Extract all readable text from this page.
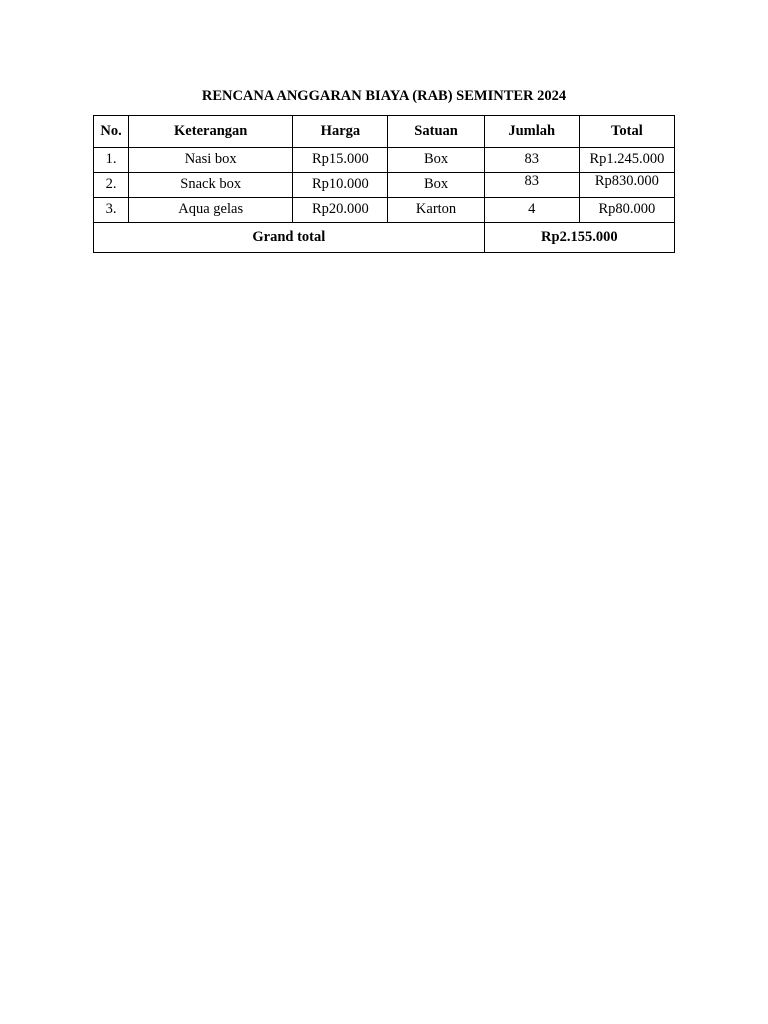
RENCANA ANGGARAN BIAYA (RAB) SEMINTER 2024
No.	Keterangan	Harga	Satuan	Jumlah	Total
1.	Nasi box	Rp15.000	Box	83	Rp1.245.000
2.	Snack box	Rp10.000	Box	83	Rp830.000
3.	Aqua gelas	Rp20.000	Karton	4	Rp80.000
Grand total				Rp2.155.000	
